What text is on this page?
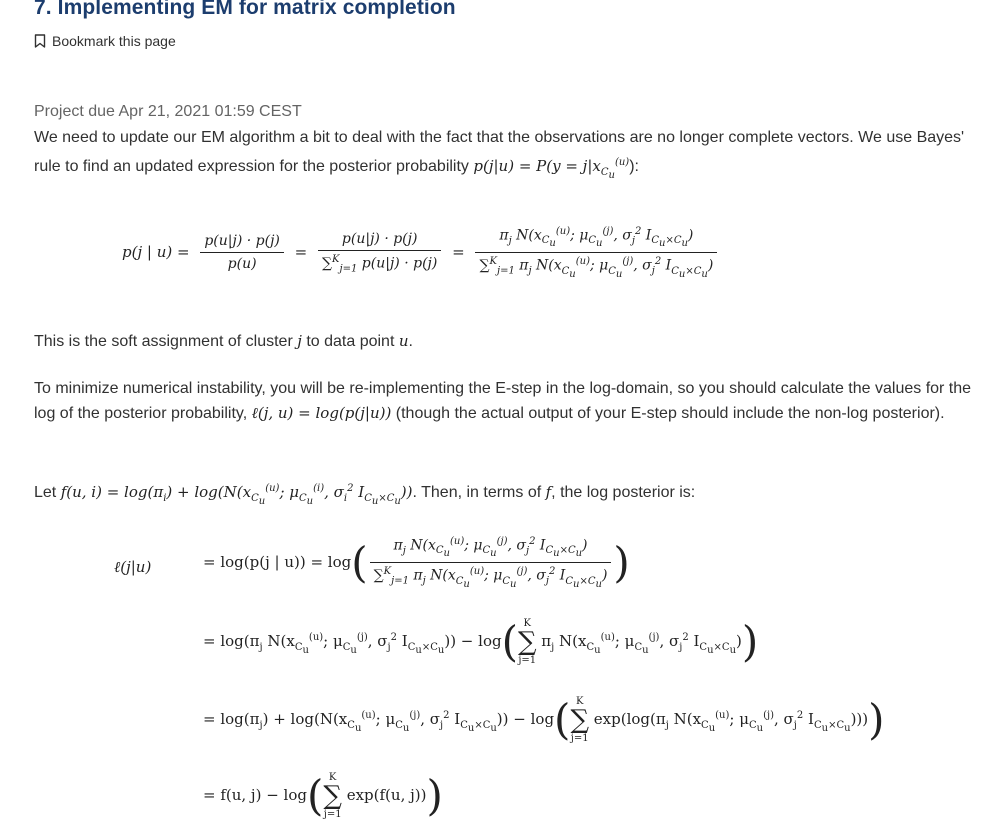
7. Implementing EM for matrix completion
Bookmark this page
Project due Apr 21, 2021 01:59 CEST
We need to update our EM algorithm a bit to deal with the fact that the observations are no longer complete vectors. We use Bayes' rule to find an updated expression for the posterior probability $p(j|u) = P(y = j|x_{C_u}^{(u)})$:
p(j | $u) = \frac{p(u|j) \cdot p(j)}{p(u)} = \frac{p(u|j) \cdot p(j)}{\sum^K_{j=1} p(u|j) \cdot p(j)} = \frac{\pi_j N(x_{C_u}^{(u)}; \mu_{C_u}^{(j)}, \sigma_j^2 I_{C_u\times C_u})}{\sum^K_{j=1} \pi_j N(x_{C_u}^{(u)}; \mu_{C_u}^{(j)}, \sigma_j^2 I_{C_u\times C_u})}$
This is the soft assignment of cluster j to data point u.
To minimize numerical instability, you will be re-implementing the E-step in the log-domain, so you should calculate the values for the log of the posterior probability, ℓ(j, u) = log(p(j|u)) (though the actual output of your E-step should include the non-log posterior).
Let f(u, $i) = \log(\pi_i) + \log(N(x_{C_u}^{(u)}$; $\mu_{C_u}^{(i)}$, $\sigma_i^2$ $I_{C_u\times C_u}$)). Then, in terms of f, the log posterior is:
ℓ(j|u)	= log(p(j | $u)) = \log( \frac{\pi_j N(x_{C_u}^{(u)}; \mu_{C_u}^{(j)}, \sigma_j^2 I_{C_u\times C_u})}{\sum^K_{j=1} \pi_j N(x_{C_u}^{(u)}; \mu_{C_u}^{(j)}, \sigma_j^2 I_{C_u\times C_u})}$ )
= $\log(\pi_j$ $N(x_{C_u}^{(u)}$; $\mu_{C_u}^{(j)}$, $\sigma_j^2$ $I_{C_u\times C_u})) - \log$( K
∑
j=1 $\pi_j$ $N(x_{C_u}^{(u)}$; $\mu_{C_u}^{(j)}$, $\sigma_j^2$ $I_{C_u\times C_u}$))
= $\log(\pi_j) + \log(N(x_{C_u}^{(u)}$; $\mu_{C_u}^{(j)}$, $\sigma_j^2$ $I_{C_u\times C_u})) - \log$( K
∑
j=1 $\exp(\log(\pi_j$ $N(x_{C_u}^{(u)}$; $\mu_{C_u}^{(j)}$, $\sigma_j^2$ $I_{C_u\times C_u}$))))
= f(u, j) − log( K
∑
j=1 exp(f(u, j)))
